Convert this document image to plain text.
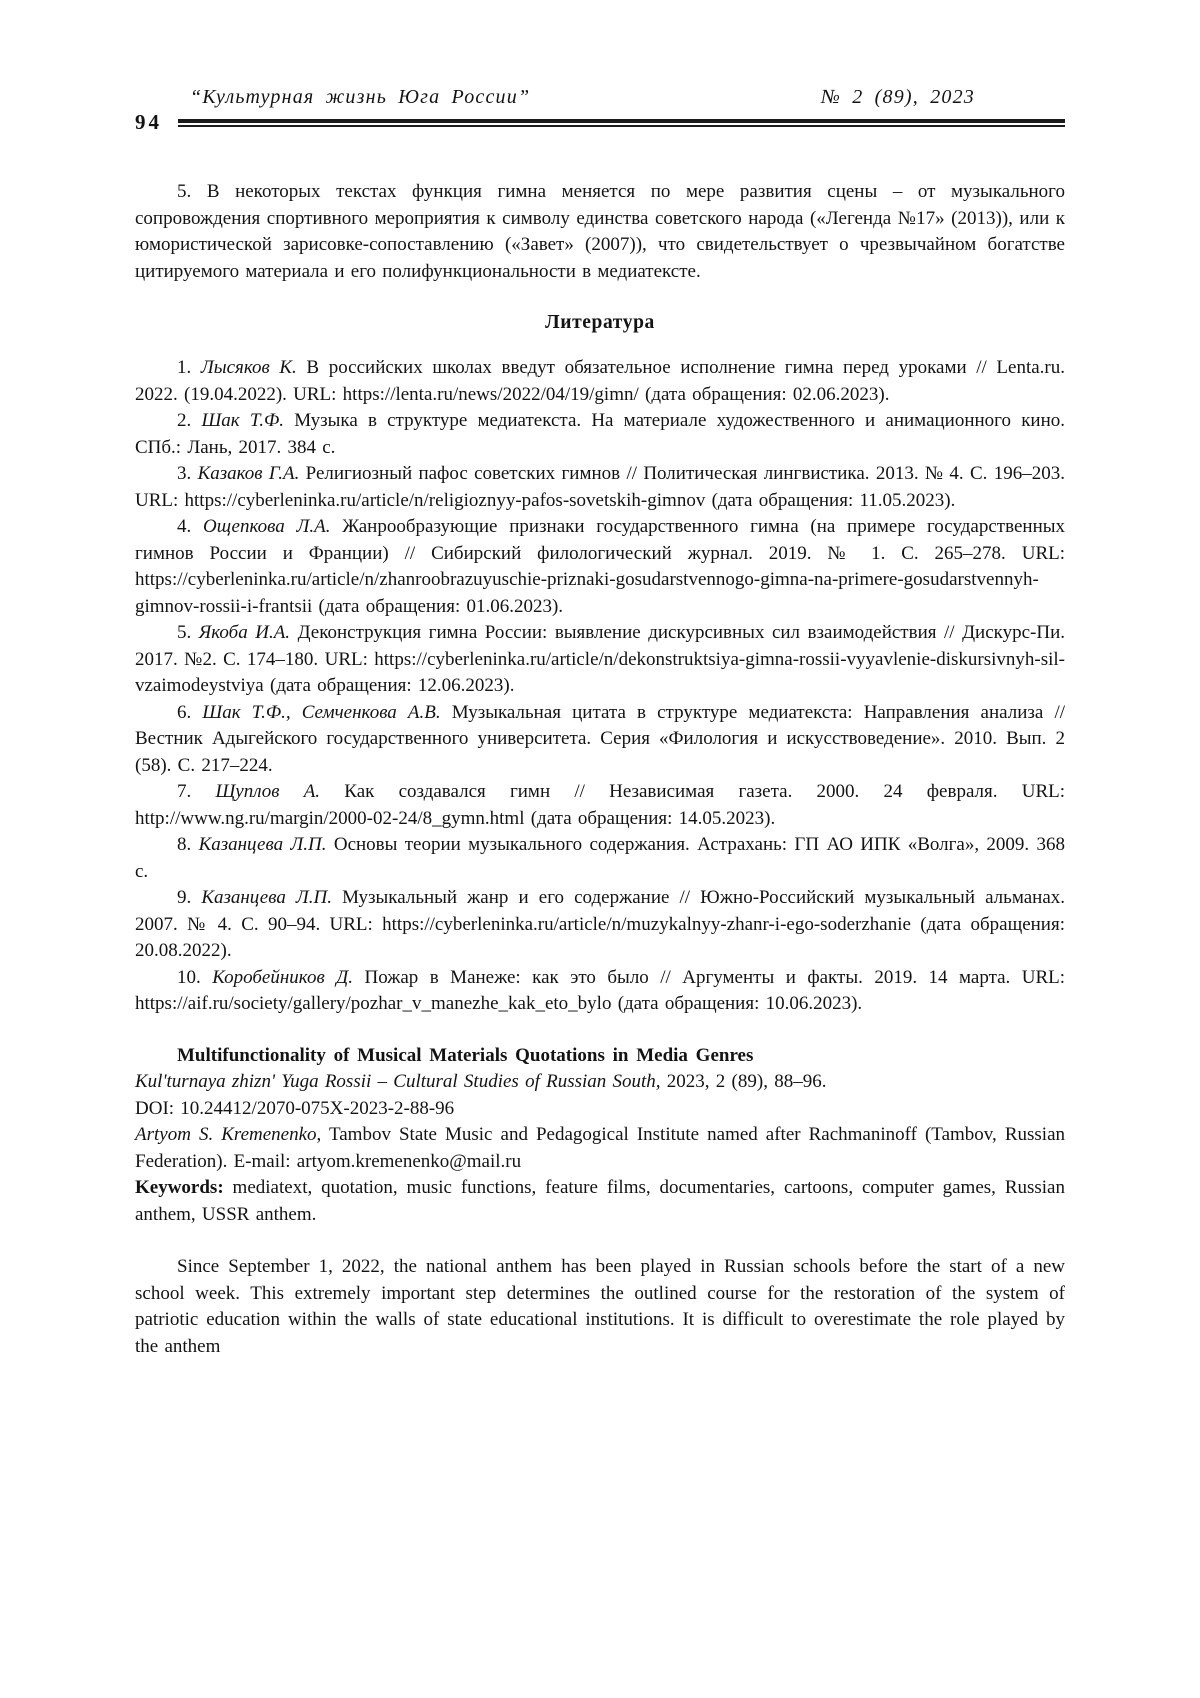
“Культурная жизнь Юга России”	№ 2 (89), 2023
94

5. В некоторых текстах функция гимна меняется по мере развития сцены – от музыкального сопровождения спортивного мероприятия к символу единства советского народа («Легенда №17» (2013)), или к юмористической зарисовке-сопоставлению («Завет» (2007)), что свидетельствует о чрезвычайном богатстве цитируемого материала и его полифункциональности в медиатексте.

Литература

1. Лысяков К. В российских школах введут обязательное исполнение гимна перед уроками // Lenta.ru. 2022. (19.04.2022). URL: https://lenta.ru/news/2022/04/19/gimn/ (дата обращения: 02.06.2023).

2. Шак Т.Ф. Музыка в структуре медиатекста. На материале художественного и анимационного кино. СПб.: Лань, 2017. 384 с.

3. Казаков Г.А. Религиозный пафос советских гимнов // Политическая лингвистика. 2013. № 4. С. 196–203. URL: https://cyberleninka.ru/article/n/religioznyy-pafos-sovetskih-gimnov (дата обращения: 11.05.2023).

4. Ощепкова Л.А. Жанрообразующие признаки государственного гимна (на примере государственных гимнов России и Франции) // Сибирский филологический журнал. 2019. № 1. С. 265–278. URL: https://cyberleninka.ru/article/n/zhanroobrazuyuschie-priznaki-gosudarstvennogo-gimna-na-primere-gosudarstvennyh-gimnov-rossii-i-frantsii (дата обращения: 01.06.2023).

5. Якоба И.А. Деконструкция гимна России: выявление дискурсивных сил взаимодействия // Дискурс-Пи. 2017. №2. С. 174–180. URL: https://cyberleninka.ru/article/n/dekonstruktsiya-gimna-rossii-vyyavlenie-diskursivnyh-sil-vzaimodeystviya (дата обращения: 12.06.2023).

6. Шак Т.Ф., Семченкова А.В. Музыкальная цитата в структуре медиатекста: Направления анализа // Вестник Адыгейского государственного университета. Серия «Филология и искусствоведение». 2010. Вып. 2 (58). С. 217–224.

7. Щуплов А. Как создавался гимн // Независимая газета. 2000. 24 февраля. URL: http://www.ng.ru/margin/2000-02-24/8_gymn.html (дата обращения: 14.05.2023).

8. Казанцева Л.П. Основы теории музыкального содержания. Астрахань: ГП АО ИПК «Волга», 2009. 368 с.

9. Казанцева Л.П. Музыкальный жанр и его содержание // Южно-Российский музыкальный альманах. 2007. № 4. С. 90–94. URL: https://cyberleninka.ru/article/n/muzykalnyy-zhanr-i-ego-soderzhanie (дата обращения: 20.08.2022).

10. Коробейников Д. Пожар в Манеже: как это было // Аргументы и факты. 2019. 14 марта. URL: https://aif.ru/society/gallery/pozhar_v_manezhe_kak_eto_bylo (дата обращения: 10.06.2023).

Multifunctionality of Musical Materials Quotations in Media Genres

Kul'turnaya zhizn' Yuga Rossii – Cultural Studies of Russian South, 2023, 2 (89), 88–96.

DOI: 10.24412/2070-075X-2023-2-88-96

Artyom S. Kremenenko, Tambov State Music and Pedagogical Institute named after Rachmaninoff (Tambov, Russian Federation). E-mail: artyom.kremenenko@mail.ru

Keywords: mediatext, quotation, music functions, feature films, documentaries, cartoons, computer games, Russian anthem, USSR anthem.

Since September 1, 2022, the national anthem has been played in Russian schools before the start of a new school week. This extremely important step determines the outlined course for the restoration of the system of patriotic education within the walls of state educational institutions. It is difficult to overestimate the role played by the anthem
